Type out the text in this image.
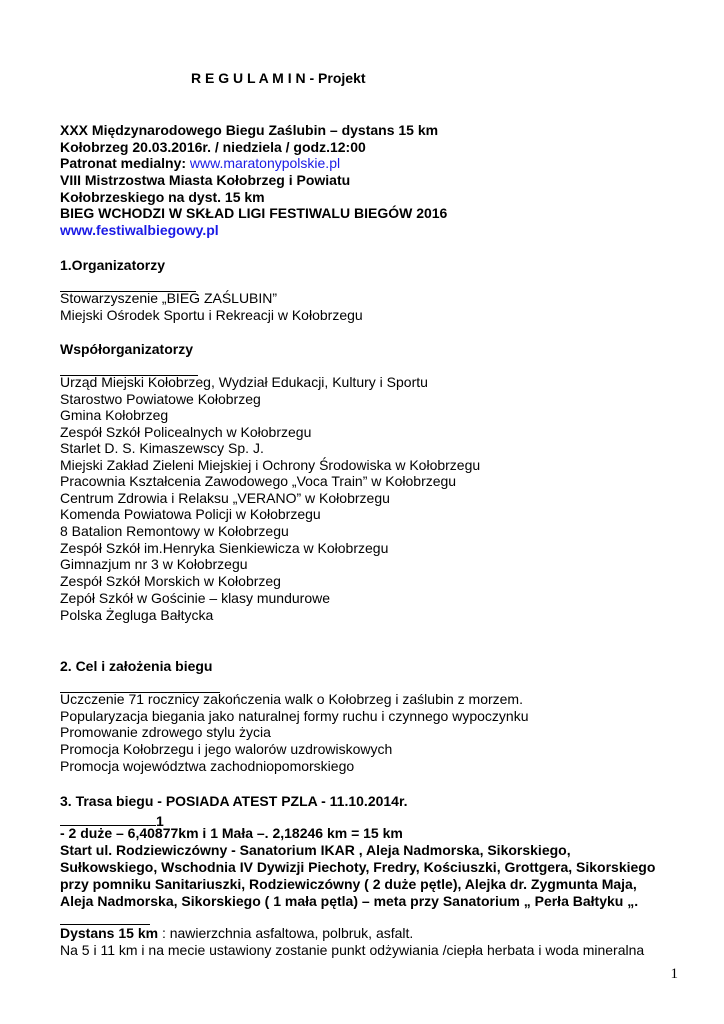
R E G U L A M I N - Projekt
XXX Międzynarodowego Biegu Zaślubin – dystans 15 km
Kołobrzeg 20.03.2016r. / niedziela / godz.12:00
Patronat medialny: www.maratonypolskie.pl
VIII Mistrzostwa Miasta Kołobrzeg i Powiatu
Kołobrzeskiego na dyst. 15 km
BIEG WCHODZI W SKŁAD LIGI FESTIWALU BIEGÓW 2016
www.festiwalbiegowy.pl
1.Organizatorzy
Stowarzyszenie „BIEG ZAŚLUBIN”
Miejski Ośrodek Sportu i Rekreacji w Kołobrzegu
Współorganizatorzy
Urząd Miejski Kołobrzeg, Wydział Edukacji, Kultury i Sportu
Starostwo Powiatowe Kołobrzeg
Gmina Kołobrzeg
Zespół Szkół Policealnych w Kołobrzegu
Starlet D. S. Kimaszewscy Sp. J.
Miejski Zakład Zieleni Miejskiej i Ochrony Środowiska w Kołobrzegu
Pracownia Kształcenia Zawodowego „Voca Train” w Kołobrzegu
Centrum Zdrowia i Relaksu „VERANO” w Kołobrzegu
Komenda Powiatowa Policji w Kołobrzegu
8 Batalion Remontowy w Kołobrzegu
Zespół Szkół im.Henryka Sienkiewicza w Kołobrzegu
Gimnazjum nr 3 w Kołobrzegu
Zespół Szkół Morskich w Kołobrzeg
Zepół Szkół w Gościnie – klasy mundurowe
Polska Żegluga Bałtycka
2. Cel i założenia biegu
Uczczenie 71 rocznicy zakończenia walk o Kołobrzeg i zaślubin z morzem.
Popularyzacja biegania jako naturalnej formy ruchu i czynnego wypoczynku
Promowanie zdrowego stylu życia
Promocja Kołobrzegu i jego walorów uzdrowiskowych
Promocja województwa zachodniopomorskiego
3. Trasa biegu - POSIADA ATEST PZLA - 11.10.2014r.
1
- 2 duże – 6,40877km i 1 Mała –. 2,18246 km = 15 km
Start ul. Rodziewiczówny - Sanatorium IKAR , Aleja Nadmorska, Sikorskiego,
Sułkowskiego, Wschodnia IV Dywizji Piechoty, Fredry, Kościuszki, Grottgera, Sikorskiego
przy pomniku Sanitariuszki, Rodziewiczówny ( 2 duże pętle), Alejka dr. Zygmunta Maja,
Aleja Nadmorska, Sikorskiego ( 1 mała pętla) – meta przy Sanatorium „ Perła Bałtyku „.
Dystans 15 km : nawierzchnia asfaltowa, polbruk, asfalt.
Na 5 i 11 km i na mecie ustawiony zostanie punkt odżywiania /ciepła herbata i woda mineralna
1
